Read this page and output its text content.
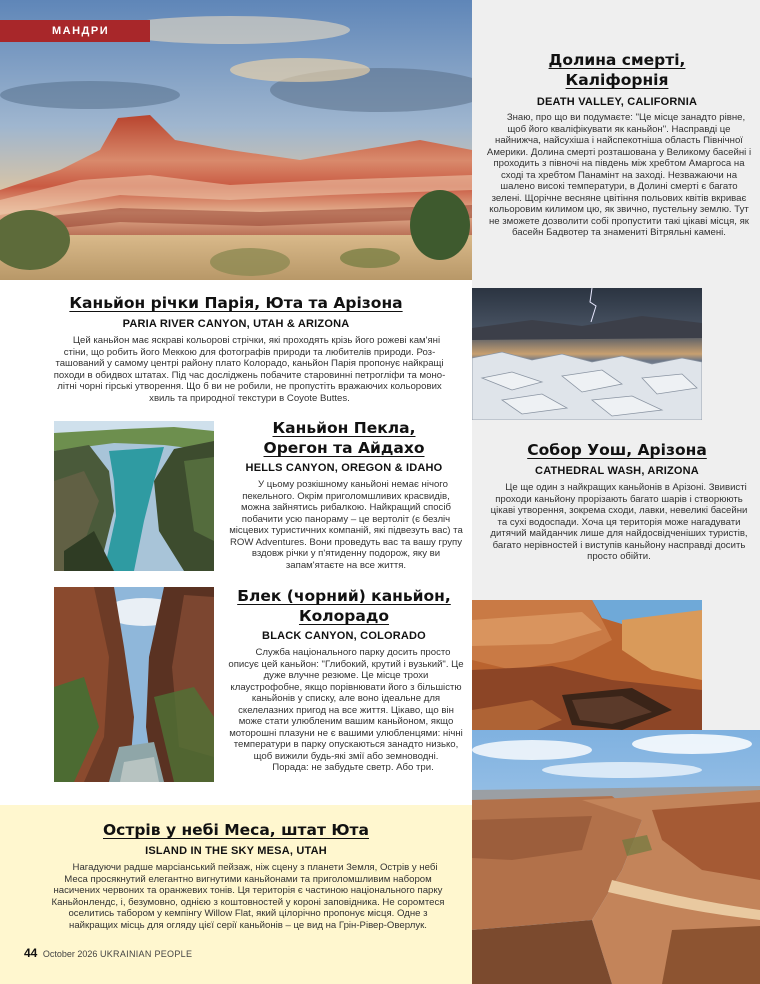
МАНДРИ
Долина смерті,
Каліфорнія
DEATH VALLEY, CALIFORNIA

Знаю, про що ви подумаєте: "Це місце занадто рівне, щоб його кваліфікувати як каньйон". Насправді це найнижча, найсухіша і найспекотніша область Північної Америки. Долина смерті розташована у Великому басейні і проходить з півночі на південь між хребтом Амаргоса на сході та хребтом Панамінт на заході. Незважаючи на шалено високі температури, в Долині смерті є багато зелені. Щорічне весняне цвітіння польових квітів вкриває кольоровим килимом цю, як звично, пустельну землю. Тут не зможете дозволити собі пропустити такі цікаві місця, як басейн Бадвотер та знамениті Вітряльні камені.

Каньйон річки Парія, Юта та Арізона
PARIA RIVER CANYON, UTAH & ARIZONA

Цей каньйон має яскраві кольорові стрічки, які проходять крізь його рожеві кам'яні стіни, що робить його Меккою для фотографів природи та любителів природи. Розташований у самому центрі району плато Колорадо, каньйон Парія пропонує найкращі походи в обидвох штатах. Під час досліджень побачите старовинні петрогліфи та монолітні чорні гірські утворення. Що б ви не робили, не пропустіть вражаючих кольорових хвиль та природної текстури в Coyote Buttes.

Каньйон Пекла,
Орегон та Айдахо
HELLS CANYON, OREGON & IDAHO

У цьому розкішному каньйоні немає нічого пекельного. Окрім приголомшливих красвидів, можна зайнятись рибалкою. Найкращий спосіб побачити усю панораму – це вертоліт (є безліч місцевих туристичних компаній, які підвезуть вас) та ROW Adventures. Вони проведуть вас та вашу групу вздовж річки у п'ятиденну подорож, яку ви запам'ятаєте на все життя.

Собор Уош, Арізона
CATHEDRAL WASH, ARIZONA

Це ще один з найкращих каньйонів в Арізоні. Звивисті проходи каньйону прорізають багато шарів і створюють цікаві утворення, зокрема сходи, лавки, невеликі басейни та сухі водоспади. Хоча ця територія може нагадувати дитячий майданчик лише для найдосвідченіших туристів, багато нерівностей і виступів каньйону насправді досить просто обійти.

Блек (чорний) каньйон,
Колорадо
BLACK CANYON, COLORADO

Служба національного парку досить просто описує цей каньйон: "Глибокий, крутий і вузький". Це дуже влучне резюме. Це місце трохи клаустрофобне, якщо порівнювати його з більшістю каньйонів у списку, але воно ідеальне для скелелазних пригод на все життя. Цікаво, що він може стати улюбленим вашим каньйоном, якщо моторошні плазуни не є вашими улюбленцями: нічні температури в парку опускаються занадто низько, щоб вижили будь-які змії або земноводні.

Порада: не забудьте светр. Або три.

Острів у небі Меса, штат Юта
ISLAND IN THE SKY MESA, UTAH

Нагадуючи радше марсіанський пейзаж, ніж сцену з планети Земля, Острів у небі Меса просякнутий елегантно вигнутими каньйонами та приголомшливим набором насичених червоних та оранжевих тонів. Ця територія є частиною національного парку Каньйонлендс, і, безумовно, однією з коштовностей у короні заповідника. Не соромтеся оселитись табором у кемпінгу Willow Flat, який цілорічно пропонує місця. Одне з найкращих місць для огляду цієї серії каньйонів – це вид на Грін-Рівер-Оверлук.

44 October 2026 UKRAINIAN PEOPLE
